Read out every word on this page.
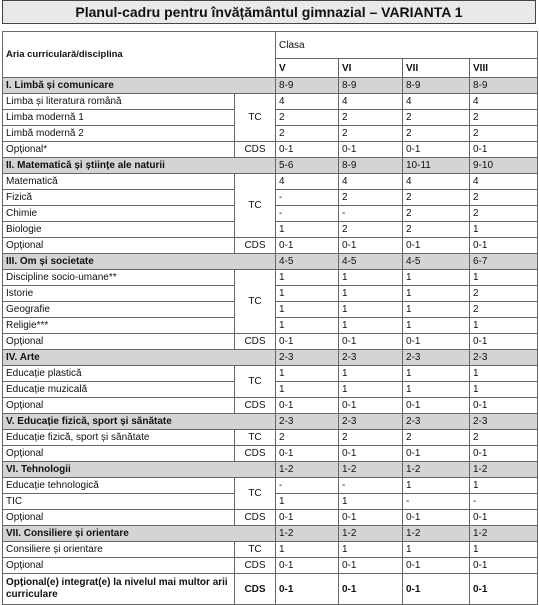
Planul-cadru pentru învățământul gimnazial – VARIANTA 1
Aria curriculară/disciplina		Clasa			
		V	VI	VII	VIII
I. Limbă și comunicare		8-9	8-9	8-9	8-9
Limba și literatura română	TC	4	4	4	4
Limba modernă 1		2	2	2	2
Limbă modernă 2		2	2	2	2
Opțional*	CDS	0-1	0-1	0-1	0-1
II. Matematică și științe ale naturii		5-6	8-9	10-11	9-10
Matematică	TC	4	4	4	4
Fizică		-	2	2	2
Chimie		-	-	2	2
Biologie		1	2	2	1
Opțional	CDS	0-1	0-1	0-1	0-1
III. Om și societate		4-5	4-5	4-5	6-7
Discipline socio-umane**	TC	1	1	1	1
Istorie		1	1	1	2
Geografie		1	1	1	2
Religie***		1	1	1	1
Opțional	CDS	0-1	0-1	0-1	0-1
IV. Arte		2-3	2-3	2-3	2-3
Educație plastică	TC	1	1	1	1
Educație muzicală		1	1	1	1
Opțional	CDS	0-1	0-1	0-1	0-1
V. Educație fizică, sport și sănătate		2-3	2-3	2-3	2-3
Educație fizică, sport și sănătate	TC	2	2	2	2
Opțional	CDS	0-1	0-1	0-1	0-1
VI. Tehnologii		1-2	1-2	1-2	1-2
Educație tehnologică	TC	-	-	1	1
TIC		1	1	-	-
Opțional	CDS	0-1	0-1	0-1	0-1
VII. Consiliere și orientare		1-2	1-2	1-2	1-2
Consiliere și orientare	TC	1	1	1	1
Opțional	CDS	0-1	0-1	0-1	0-1
Opțional(e) integrat(e) la nivelul mai multor arii curriculare	CDS	0-1	0-1	0-1	0-1
